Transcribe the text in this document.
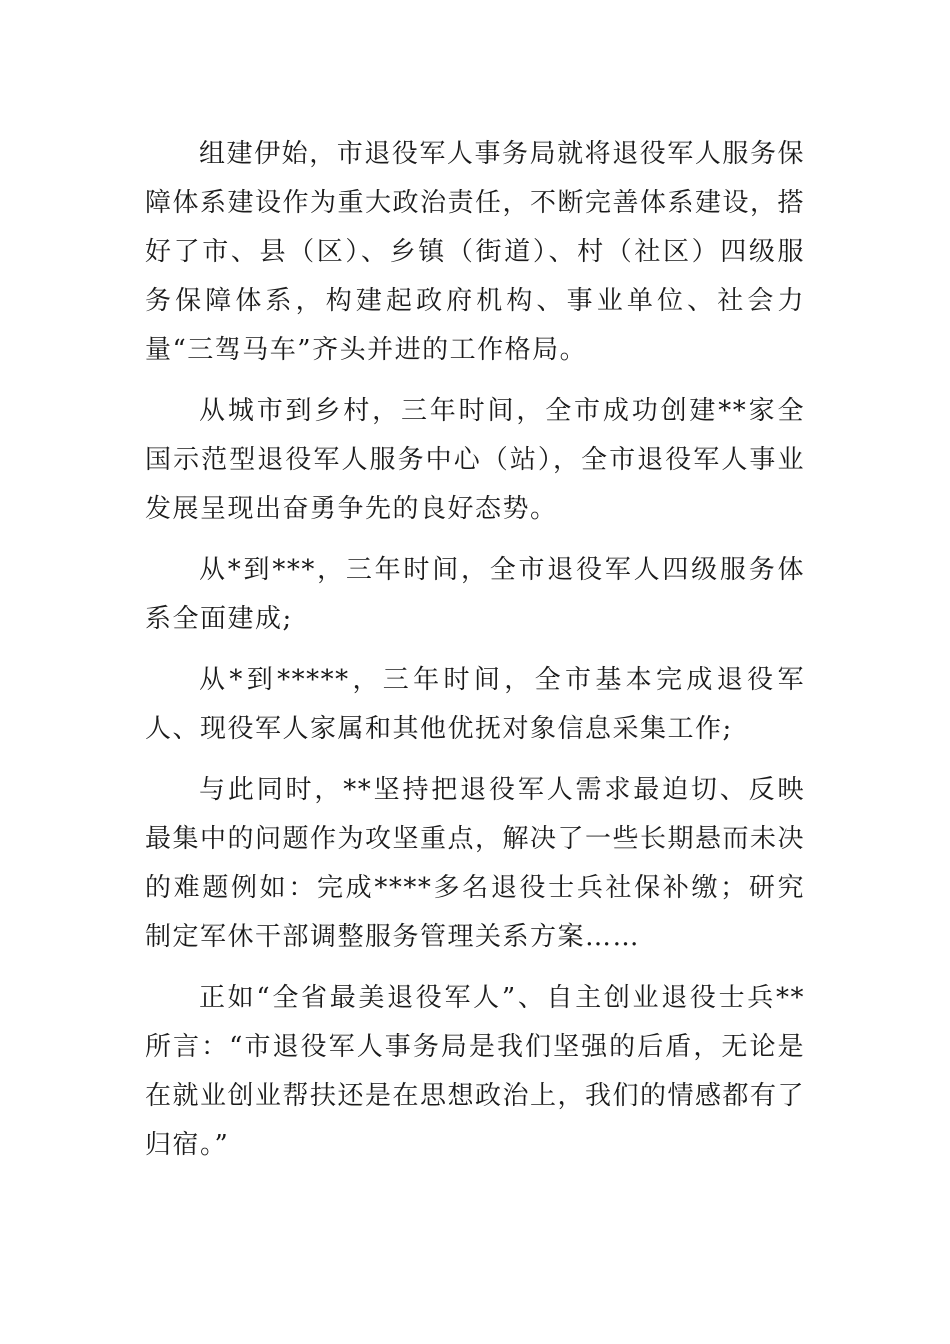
组建伊始，市退役军人事务局就将退役军人服务保障体系建设作为重大政治责任，不断完善体系建设，搭好了市、县（区）、乡镇（街道）、村（社区）四级服务保障体系，构建起政府机构、事业单位、社会力量“三驾马车”齐头并进的工作格局。

从城市到乡村，三年时间，全市成功创建**家全国示范型退役军人服务中心（站），全市退役军人事业发展呈现出奋勇争先的良好态势。

从*到***，三年时间，全市退役军人四级服务体系全面建成;

从*到*****，三年时间，全市基本完成退役军人、现役军人家属和其他优抚对象信息采集工作;

与此同时，**坚持把退役军人需求最迫切、反映最集中的问题作为攻坚重点，解决了一些长期悬而未决的难题例如：完成****多名退役士兵社保补缴；研究制定军休干部调整服务管理关系方案……

正如“全省最美退役军人”、自主创业退役士兵**所言：“市退役军人事务局是我们坚强的后盾，无论是在就业创业帮扶还是在思想政治上，我们的情感都有了归宿。”
